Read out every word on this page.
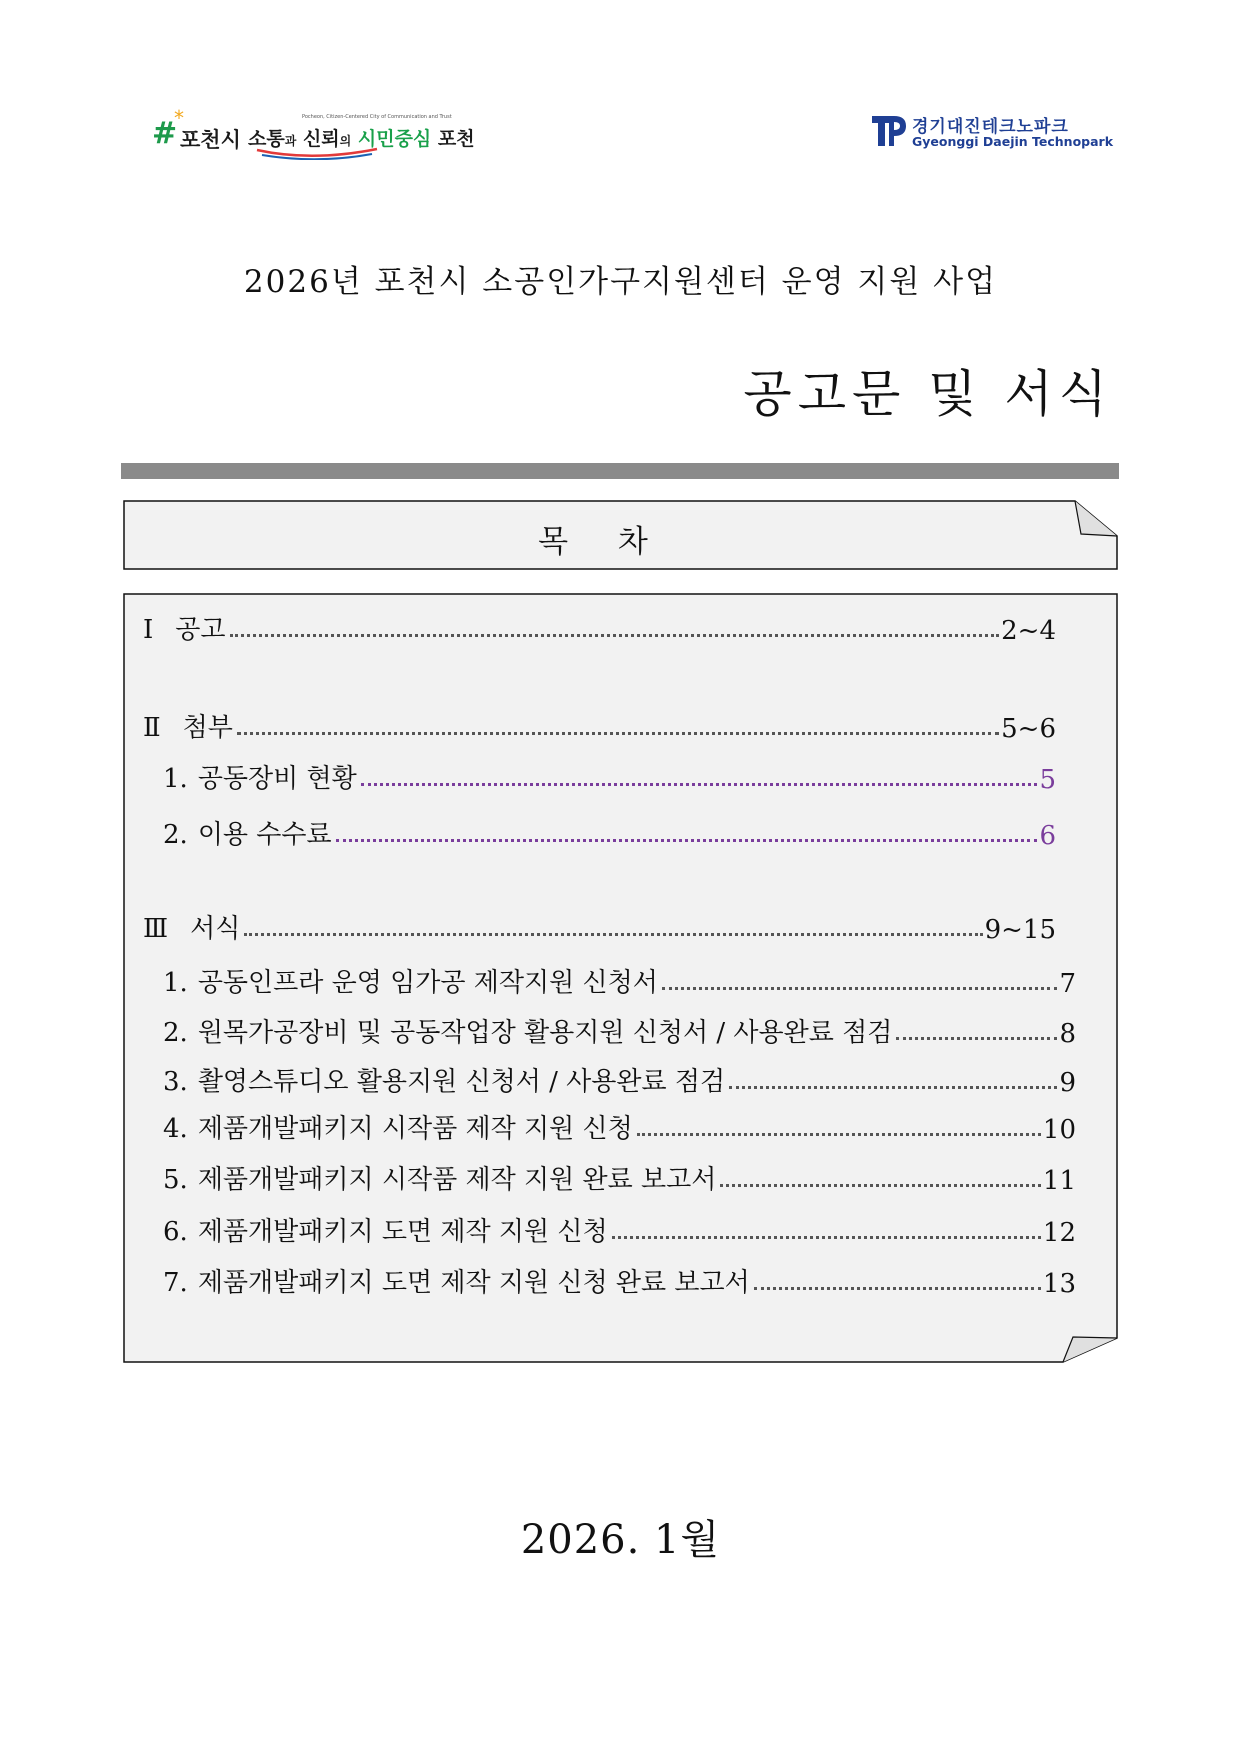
#
*
포천시
Pocheon, Citizen-Centered City of Communication and Trust
소통과 신뢰의 시민중심 포천
경기대진테크노파크
Gyeonggi Daejin Technopark
2026년 포천시 소공인가구지원센터 운영 지원 사업
공고문 및 서식
목 차
Ⅰ 공고	2~4
Ⅱ 첨부	5~6
1. 공동장비 현황	5
2. 이용 수수료	6
Ⅲ 서식	9~15
1. 공동인프라 운영 임가공 제작지원 신청서	7
2. 원목가공장비 및 공동작업장 활용지원 신청서 / 사용완료 점검	8
3. 촬영스튜디오 활용지원 신청서 / 사용완료 점검	9
4. 제품개발패키지 시작품 제작 지원 신청	10
5. 제품개발패키지 시작품 제작 지원 완료 보고서	11
6. 제품개발패키지 도면 제작 지원 신청	12
7. 제품개발패키지 도면 제작 지원 신청 완료 보고서	13
2026. 1월
